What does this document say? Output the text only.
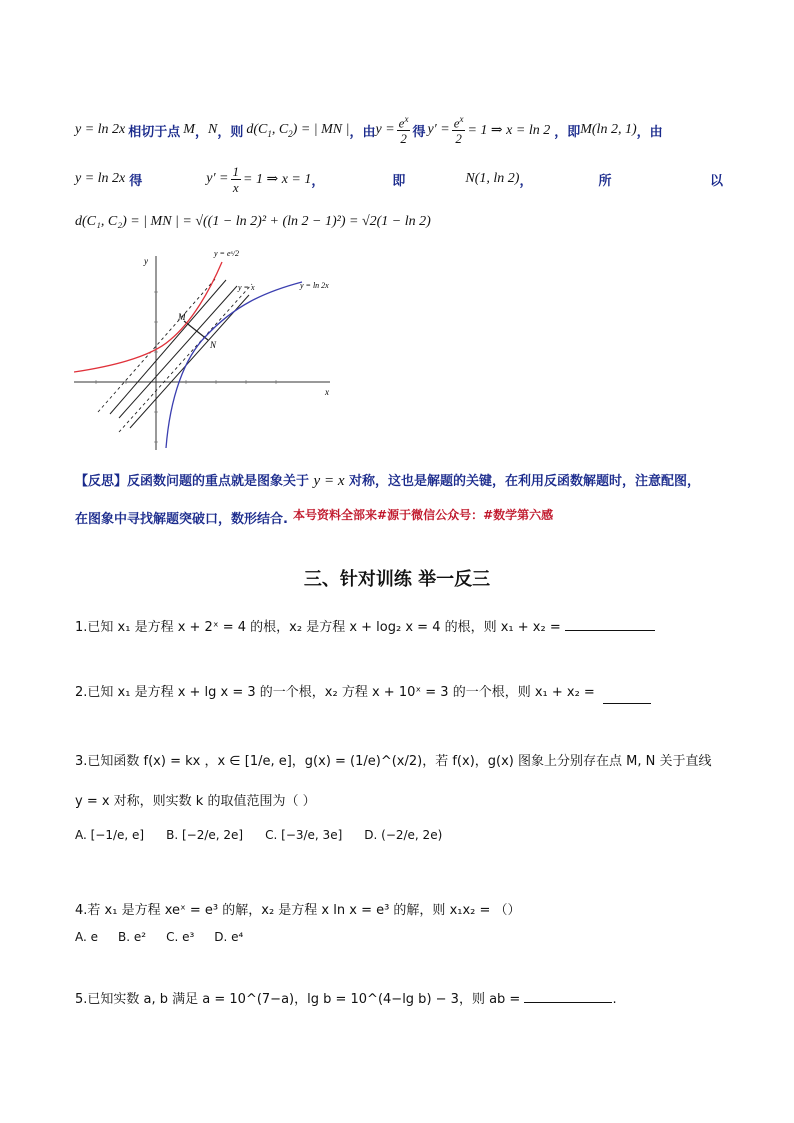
y = ln 2x 相切于点 M ， N ，则 $d(C_1$, $C_2$) = | MN | ，由 $y = \frac{e^x}{2}$ 得 $y' = \frac{e^x}{2} = 1$ ⇒ x = ln 2 ，即 M(ln 2, 1) ，由
y = ln 2x 得	$y' = \frac{1}{x} = 1$ ⇒ x = 1 ，	即	N(1, ln 2) ，	所	以
d(C₁, C₂) = | MN | = √((1 − ln 2)² + (ln 2 − 1)²) = √2(1 − ln 2)
x
y
y = eˣ/2
y = x	y = ln 2x
M
N
【反思】反函数问题的重点就是图象关于 y = x 对称，这也是解题的关键，在利用反函数解题时，注意配图，
在图象中寻找解题突破口，数形结合. $^{本号资料全部来\#源于微信公众号:\#数学第六感}$
三、针对训练 举一反三
1.已知 x₁ 是方程 x + 2ˣ = 4 的根，x₂ 是方程 x + log₂ x = 4 的根，则 x₁ + x₂ =
2.已知 x₁ 是方程 x + lg x = 3 的一个根，x₂ 方程 x + 10ˣ = 3 的一个根，则 x₁ + x₂ =
3.已知函数 f(x) = kx ，x ∈ [1/e, e]，g(x) = (1/e)^(x/2)，若 f(x)，g(x) 图象上分别存在点 M, N 关于直线
y = x 对称，则实数 k 的取值范围为（ ）
A. [−1/e, e] B. [−2/e, 2e] C. [−3/e, 3e] D. (−2/e, 2e)
4.若 x₁ 是方程 xeˣ = e³ 的解，x₂ 是方程 x ln x = e³ 的解，则 x₁x₂ = （）
A. e B. e² C. e³ D. e⁴
5.已知实数 a, b 满足 a = 10^(7−a)，lg b = 10^(4−lg b) − 3，则 ab =	.
